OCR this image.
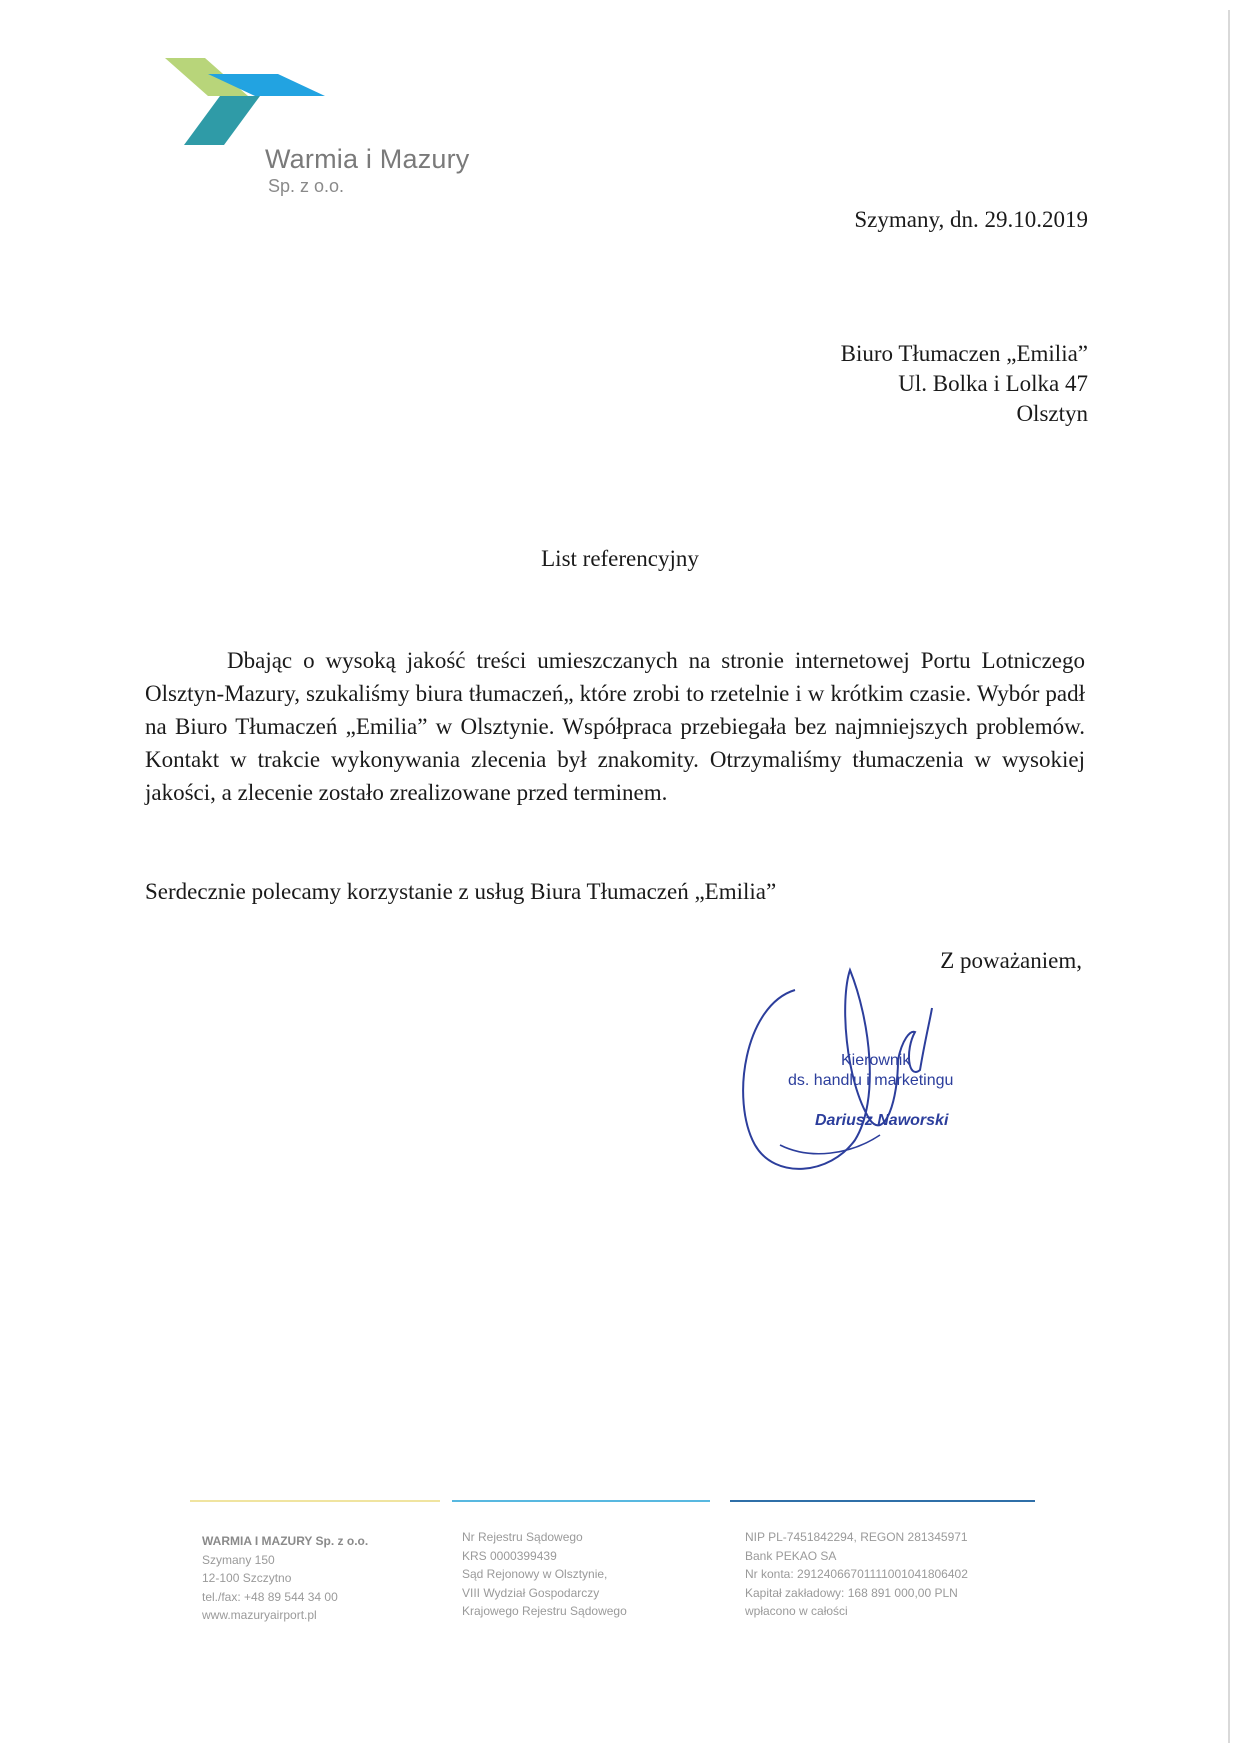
Warmia i Mazury
Sp. z o.o.
Szymany, dn. 29.10.2019
Biuro Tłumaczen „Emilia”
Ul. Bolka i Lolka 47
Olsztyn
List referencyjny
Dbając o wysoką jakość treści umieszczanych na stronie internetowej Portu Lotniczego Olsztyn-Mazury, szukaliśmy biura tłumaczeń„ które zrobi to rzetelnie i w krótkim czasie. Wybór padł na Biuro Tłumaczeń „Emilia” w Olsztynie. Współpraca przebiegała bez najmniejszych problemów. Kontakt w trakcie wykonywania zlecenia był znakomity. Otrzymaliśmy tłumaczenia w wysokiej jakości, a zlecenie zostało zrealizowane przed terminem.
Serdecznie polecamy korzystanie z usług Biura Tłumaczeń „Emilia”
Z poważaniem,
Kierownik
ds. handlu i marketingu
Dariusz Naworski
WARMIA I MAZURY Sp. z o.o.
Szymany 150
12-100 Szczytno
tel./fax: +48 89 544 34 00
www.mazuryairport.pl
Nr Rejestru Sądowego
KRS 0000399439
Sąd Rejonowy w Olsztynie,
VIII Wydział Gospodarczy
Krajowego Rejestru Sądowego
NIP PL-7451842294, REGON 281345971
Bank PEKAO SA
Nr konta: 29124066701111001041806402
Kapitał zakładowy: 168 891 000,00 PLN
wpłacono w całości
